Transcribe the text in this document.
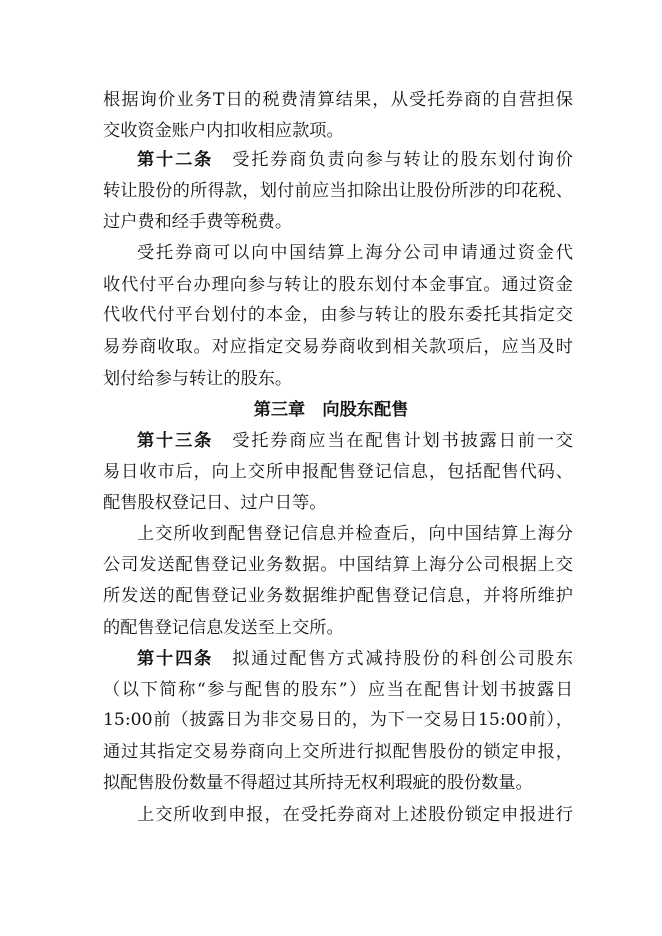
根据询价业务T日的税费清算结果，从受托券商的自营担保
交收资金账户内扣收相应款项。
第十二条　受托券商负责向参与转让的股东划付询价
转让股份的所得款，划付前应当扣除出让股份所涉的印花税、
过户费和经手费等税费。
受托券商可以向中国结算上海分公司申请通过资金代
收代付平台办理向参与转让的股东划付本金事宜。通过资金
代收代付平台划付的本金，由参与转让的股东委托其指定交
易券商收取。对应指定交易券商收到相关款项后，应当及时
划付给参与转让的股东。
第三章　向股东配售
第十三条　受托券商应当在配售计划书披露日前一交
易日收市后，向上交所申报配售登记信息，包括配售代码、
配售股权登记日、过户日等。
上交所收到配售登记信息并检查后，向中国结算上海分
公司发送配售登记业务数据。中国结算上海分公司根据上交
所发送的配售登记业务数据维护配售登记信息，并将所维护
的配售登记信息发送至上交所。
第十四条　拟通过配售方式减持股份的科创公司股东
（以下简称“参与配售的股东”）应当在配售计划书披露日
15:00前（披露日为非交易日的，为下一交易日15:00前），
通过其指定交易券商向上交所进行拟配售股份的锁定申报，
拟配售股份数量不得超过其所持无权利瑕疵的股份数量。
上交所收到申报，在受托券商对上述股份锁定申报进行
